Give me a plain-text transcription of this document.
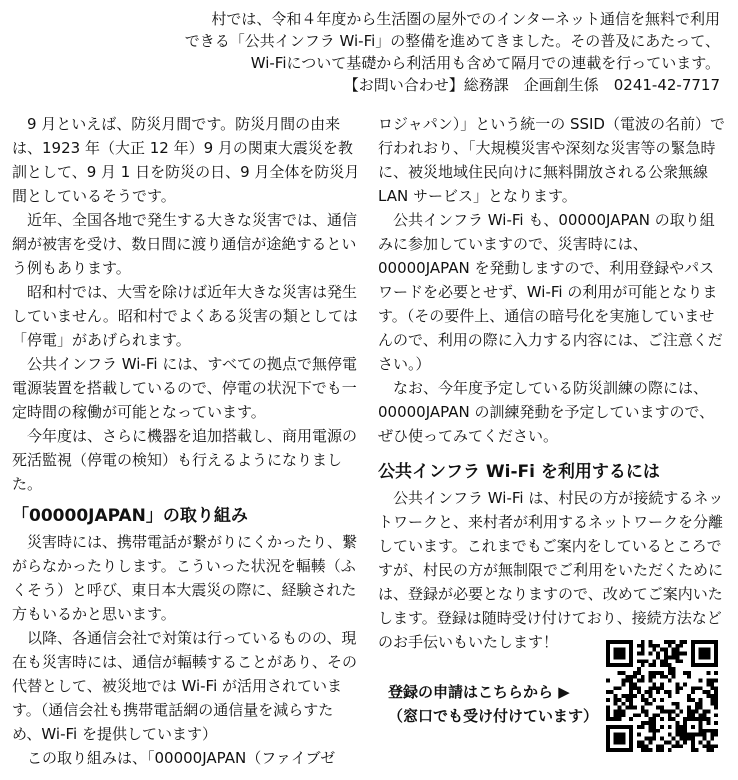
村では、令和４年度から生活圏の屋外でのインターネット通信を無料で利用

できる「公共インフラ Wi-Fi」の整備を進めてきました。その普及にあたって、

Wi-Fiについて基礎から利活用も含めて隔月での連載を行っています。

【お問い合わせ】総務課　企画創生係　0241-42-7717

9 月といえば、防災月間です。防災月間の由来は、1923 年（大正 12 年）9 月の関東大震災を教訓として、9 月 1 日を防災の日、9 月全体を防災月間としているそうです。

近年、全国各地で発生する大きな災害では、通信網が被害を受け、数日間に渡り通信が途絶するという例もあります。

昭和村では、大雪を除けば近年大きな災害は発生していません。昭和村でよくある災害の類としては「停電」があげられます。

公共インフラ Wi-Fi には、すべての拠点で無停電電源装置を搭載しているので、停電の状況下でも一定時間の稼働が可能となっています。

今年度は、さらに機器を追加搭載し、商用電源の死活監視（停電の検知）も行えるようになりました。

「00000JAPAN」の取り組み

災害時には、携帯電話が繋がりにくかったり、繋がらなかったりします。こういった状況を輻輳（ふくそう）と呼び、東日本大震災の際に、経験された方もいるかと思います。

以降、各通信会社で対策は行っているものの、現在も災害時には、通信が輻輳することがあり、その代替として、被災地では Wi-Fi が活用されています。（通信会社も携帯電話網の通信量を減らすため、Wi-Fi を提供しています）

この取り組みは、「00000JAPAN（ファイブゼ

ロジャパン）」という統一の SSID（電波の名前）で行われおり、「大規模災害や深刻な災害等の緊急時に、被災地域住民向けに無料開放される公衆無線 LAN サービス」となります。

公共インフラ Wi-Fi も、00000JAPAN の取り組みに参加していますので、災害時には、00000JAPAN を発動しますので、利用登録やパスワードを必要とせず、Wi-Fi の利用が可能となります。（その要件上、通信の暗号化を実施していませんので、利用の際に入力する内容には、ご注意ください。）

なお、今年度予定している防災訓練の際には、00000JAPAN の訓練発動を予定していますので、ぜひ使ってみてください。

公共インフラ Wi-Fi を利用するには

公共インフラ Wi-Fi は、村民の方が接続するネットワークと、来村者が利用するネットワークを分離しています。これまでもご案内をしているところですが、村民の方が無制限でご利用をいただくためには、登録が必要となりますので、改めてご案内いたします。登録は随時受け付けており、接続方法などのお手伝いもいたします！

登録の申請はこちらから ▶

（窓口でも受け付けています）
